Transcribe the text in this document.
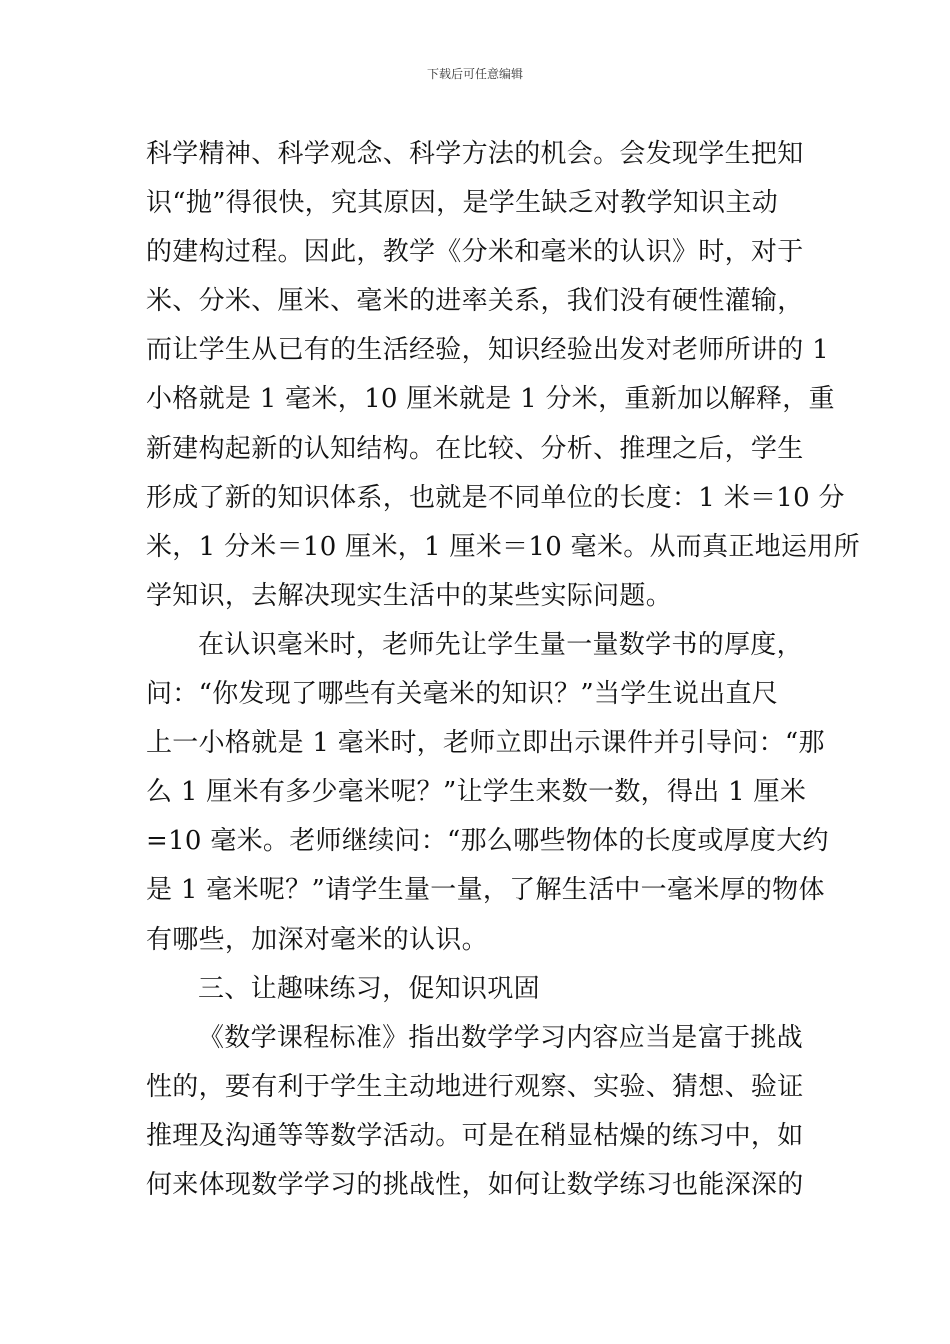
下载后可任意编辑
科学精神、科学观念、科学方法的机会。会发现学生把知
识“抛”得很快，究其原因，是学生缺乏对教学知识主动
的建构过程。因此，教学《分米和毫米的认识》时，对于
米、分米、厘米、毫米的进率关系，我们没有硬性灌输，
而让学生从已有的生活经验，知识经验出发对老师所讲的 1
小格就是 1 毫米，10 厘米就是 1 分米，重新加以解释，重
新建构起新的认知结构。在比较、分析、推理之后，学生
形成了新的知识体系，也就是不同单位的长度：1 米＝10 分
米，1 分米＝10 厘米，1 厘米＝10 毫米。从而真正地运用所
学知识，去解决现实生活中的某些实际问题。
在认识毫米时，老师先让学生量一量数学书的厚度，
问：“你发现了哪些有关毫米的知识？”当学生说出直尺
上一小格就是 1 毫米时，老师立即出示课件并引导问：“那
么 1 厘米有多少毫米呢？”让学生来数一数，得出 1 厘米
=10 毫米。老师继续问：“那么哪些物体的长度或厚度大约
是 1 毫米呢？”请学生量一量，了解生活中一毫米厚的物体
有哪些，加深对毫米的认识。
三、让趣味练习，促知识巩固
《数学课程标准》指出数学学习内容应当是富于挑战
性的，要有利于学生主动地进行观察、实验、猜想、验证
推理及沟通等等数学活动。可是在稍显枯燥的练习中，如
何来体现数学学习的挑战性，如何让数学练习也能深深的
